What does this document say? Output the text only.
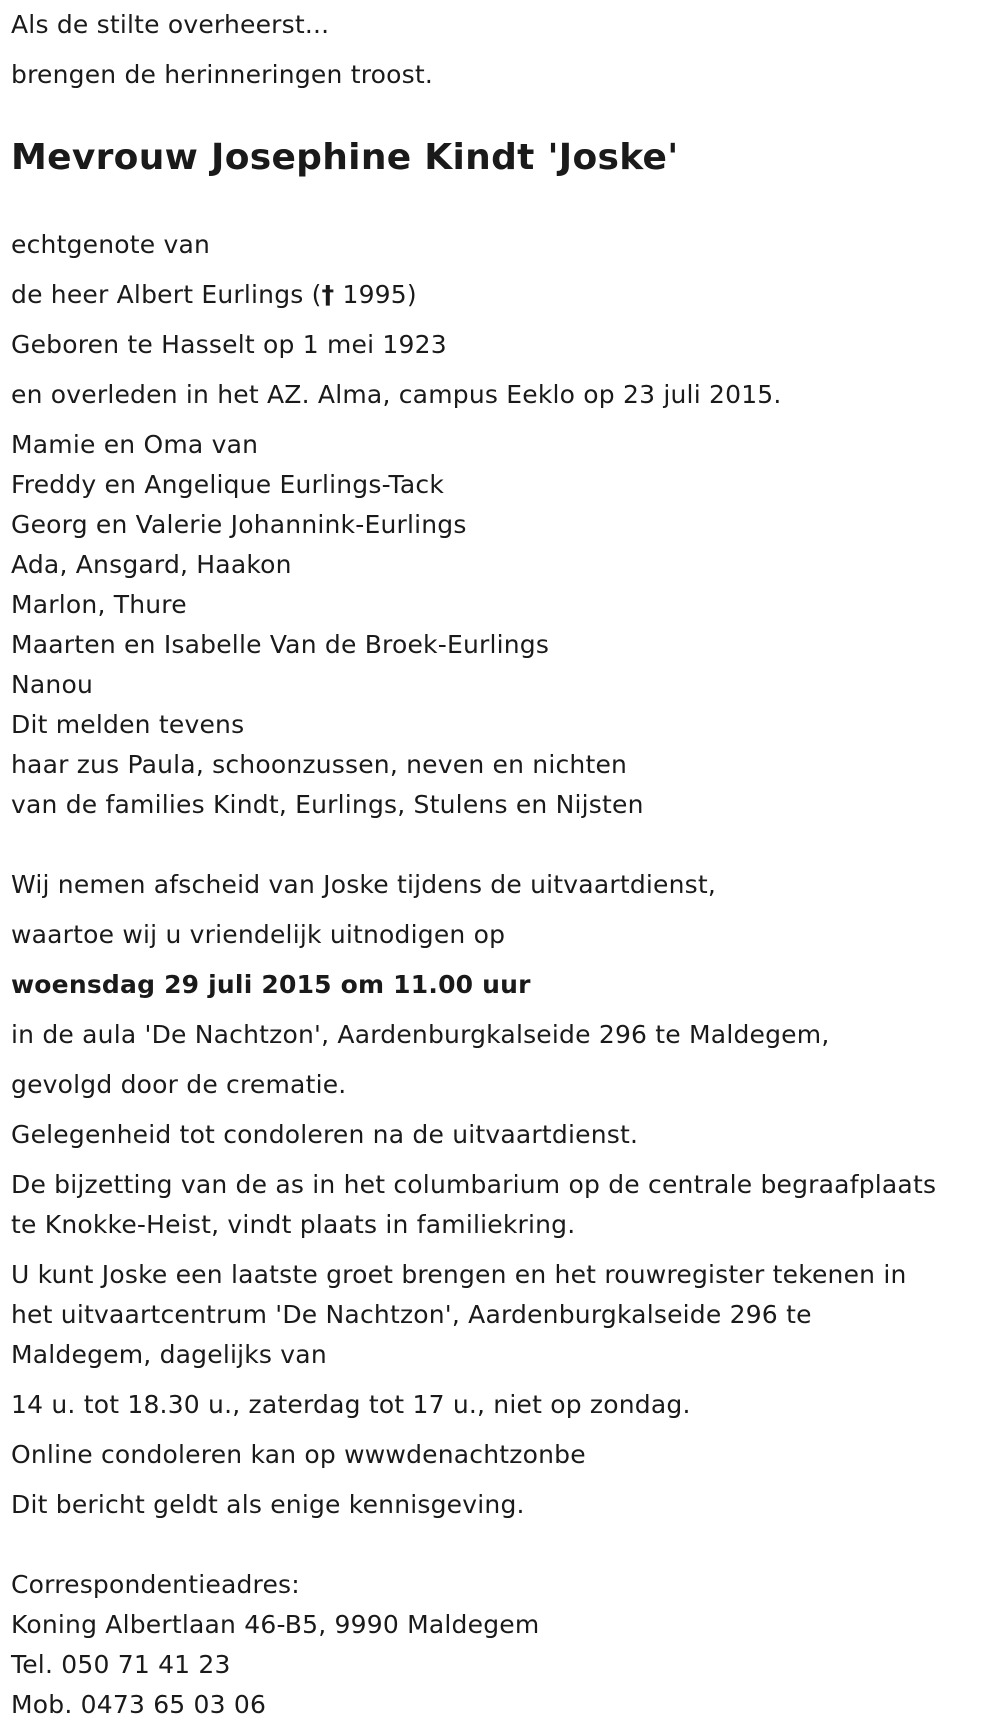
Als de stilte overheerst...
brengen de herinneringen troost.
Mevrouw Josephine Kindt 'Joske'
echtgenote van
de heer Albert Eurlings († 1995)
Geboren te Hasselt op 1 mei 1923
en overleden in het AZ. Alma, campus Eeklo op 23 juli 2015.
Mamie en Oma van
Freddy en Angelique Eurlings-Tack
Georg en Valerie Johannink-Eurlings
Ada, Ansgard, Haakon
Marlon, Thure
Maarten en Isabelle Van de Broek-Eurlings
Nanou
Dit melden tevens
haar zus Paula, schoonzussen, neven en nichten
van de families Kindt, Eurlings, Stulens en Nijsten
Wij nemen afscheid van Joske tijdens de uitvaartdienst,
waartoe wij u vriendelijk uitnodigen op
woensdag 29 juli 2015 om 11.00 uur
in de aula 'De Nachtzon', Aardenburgkalseide 296 te Maldegem,
gevolgd door de crematie.
Gelegenheid tot condoleren na de uitvaartdienst.
De bijzetting van de as in het columbarium op de centrale begraafplaats
te Knokke-Heist, vindt plaats in familiekring.
U kunt Joske een laatste groet brengen en het rouwregister tekenen in
het uitvaartcentrum 'De Nachtzon', Aardenburgkalseide 296 te
Maldegem, dagelijks van
14 u. tot 18.30 u., zaterdag tot 17 u., niet op zondag.
Online condoleren kan op wwwdenachtzonbe
Dit bericht geldt als enige kennisgeving.
Correspondentieadres:
Koning Albertlaan 46-B5, 9990 Maldegem
Tel. 050 71 41 23
Mob. 0473 65 03 06
